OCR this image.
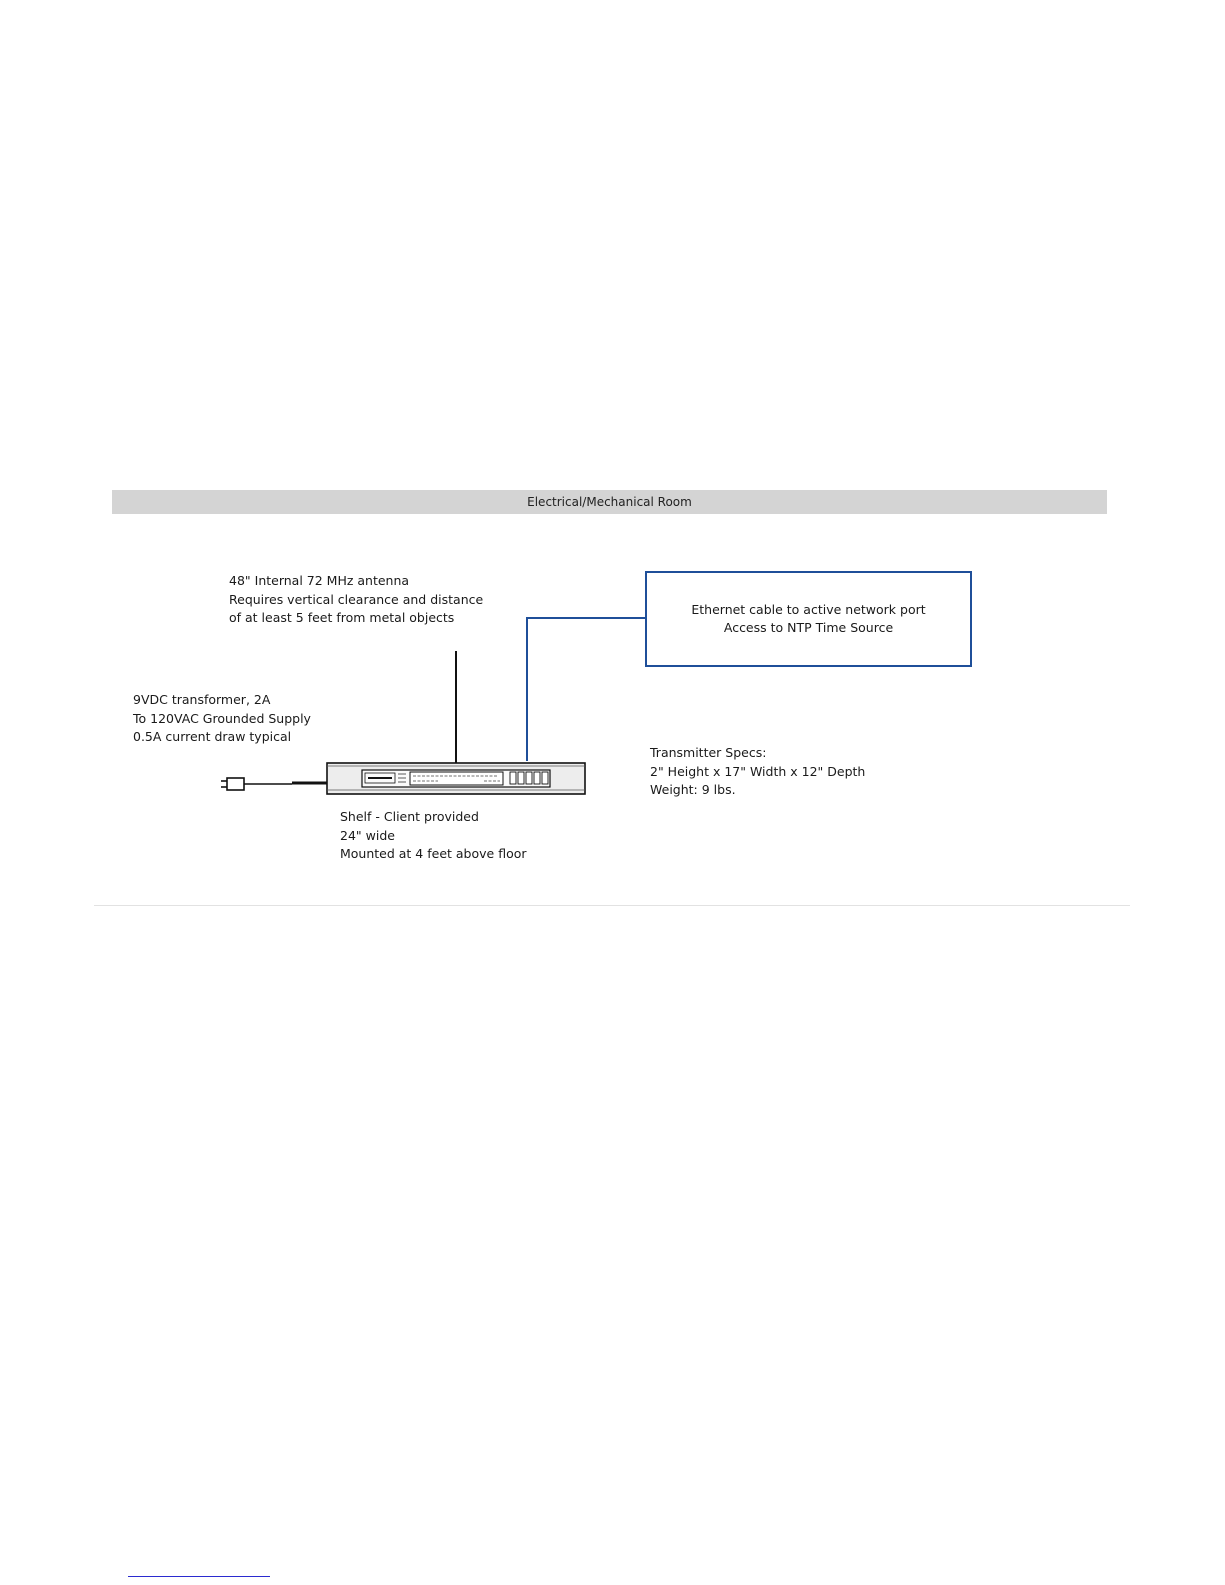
Electrical/Mechanical Room
48" Internal 72 MHz antenna
Requires vertical clearance and distance
of at least 5 feet from metal objects
Ethernet cable to active network port
Access to NTP Time Source
9VDC transformer, 2A
To 120VAC Grounded Supply
0.5A current draw typical
Transmitter Specs:
2" Height x 17" Width x 12" Depth
Weight: 9 lbs.
Shelf - Client provided
24" wide
Mounted at 4 feet above floor
